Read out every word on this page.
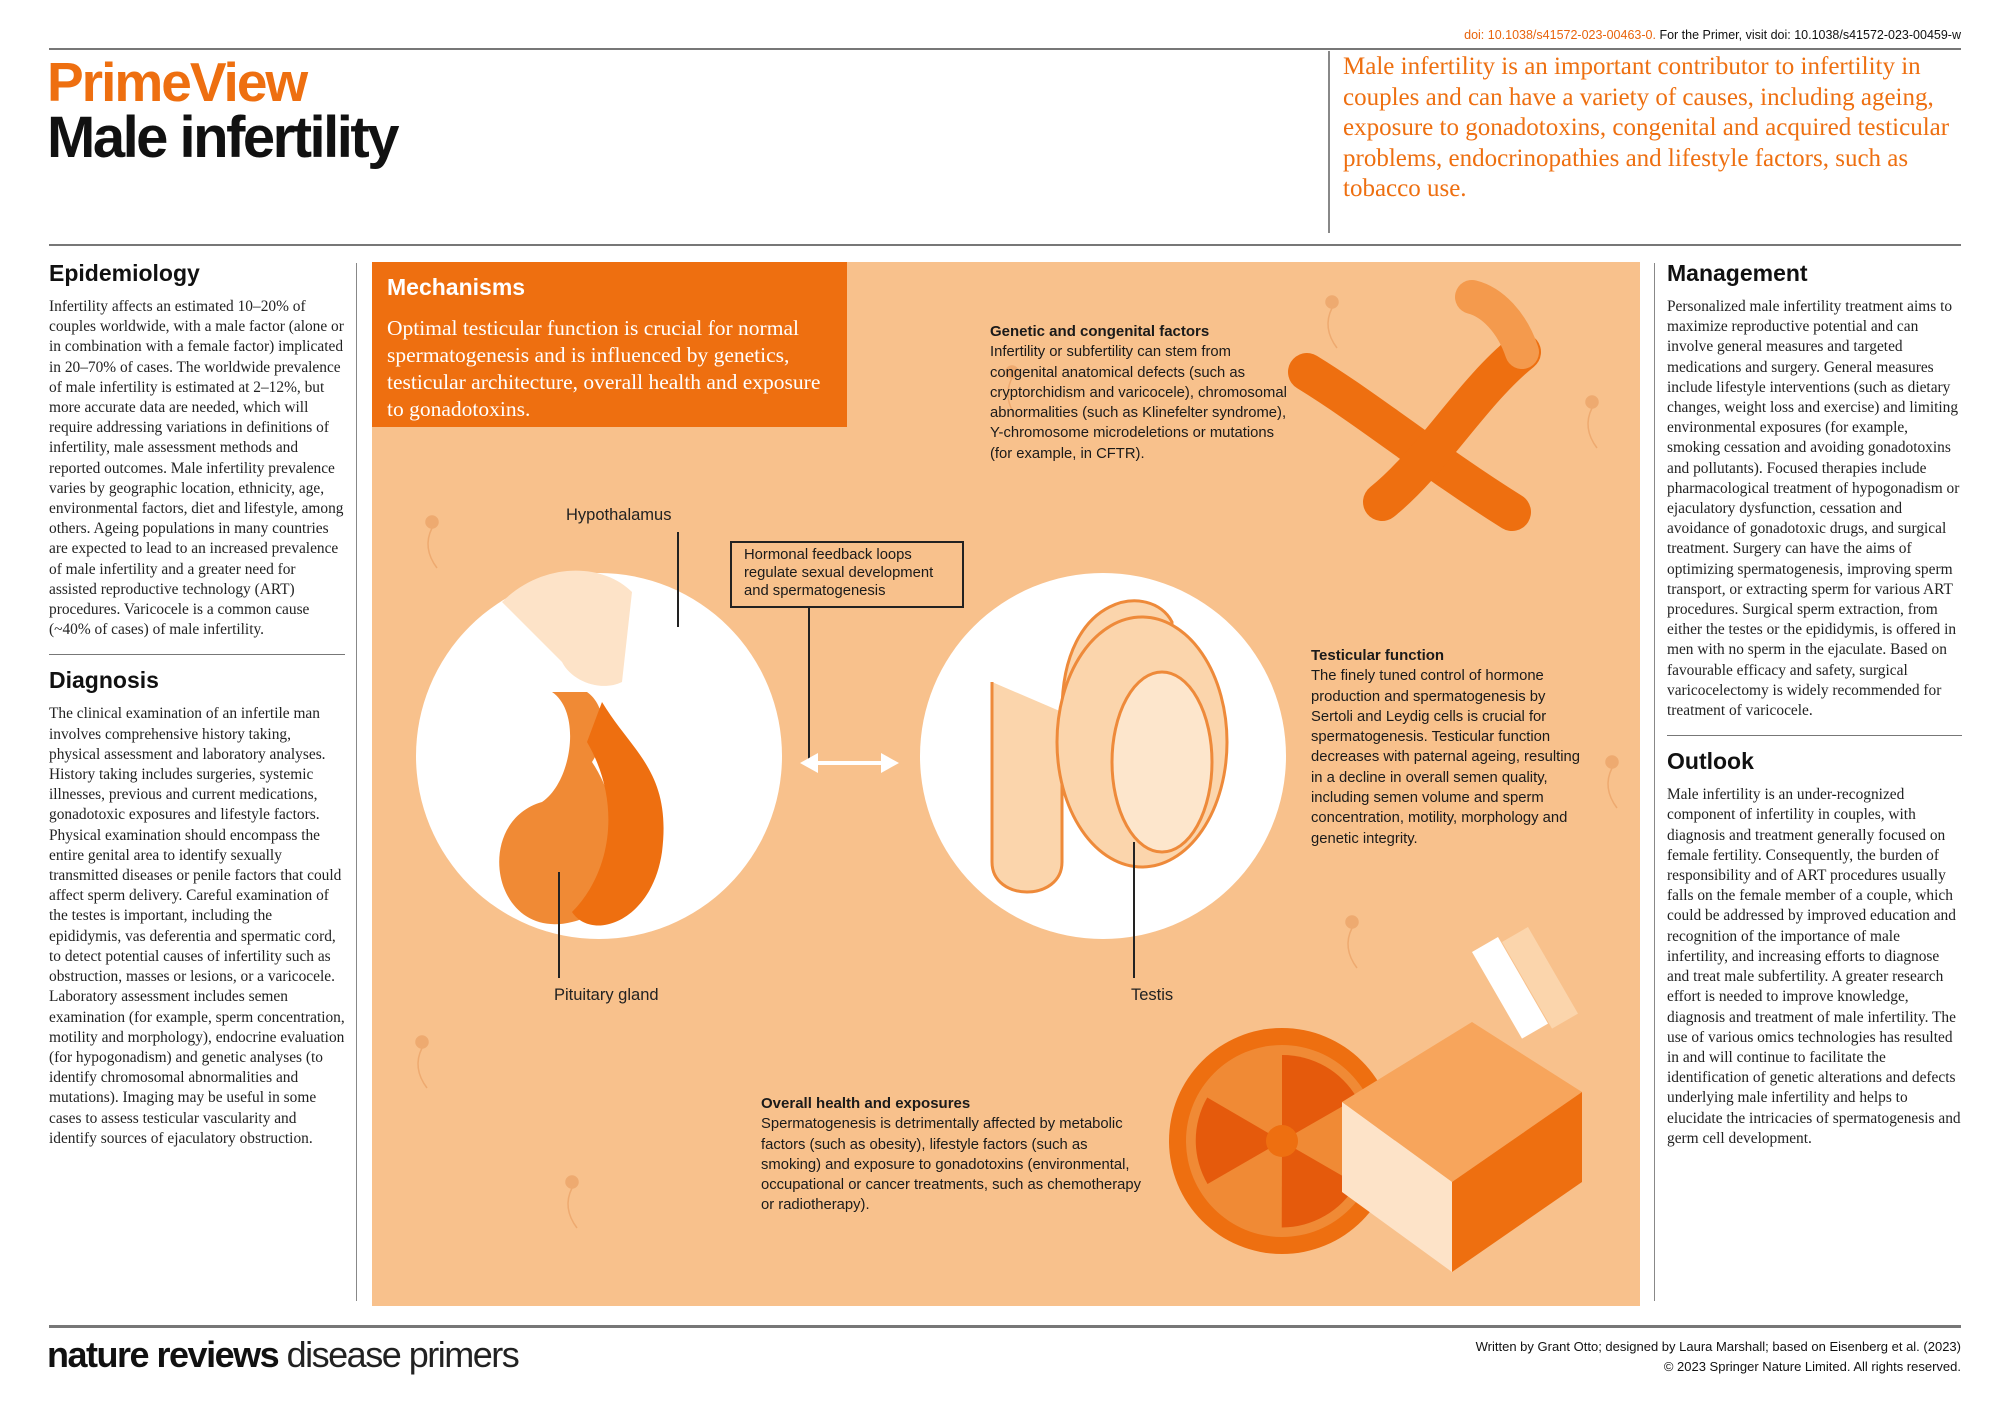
doi: 10.1038/s41572-023-00463-0. For the Primer, visit doi: 10.1038/s41572-023-00459-w
PrimeView
Male infertility
Male infertility is an important contributor to infertility in couples and can have a variety of causes, including ageing, exposure to gonadotoxins, congenital and acquired testicular problems, endocrinopathies and lifestyle factors, such as tobacco use.
Epidemiology

Infertility affects an estimated 10–20% of couples worldwide, with a male factor (alone or in combination with a female factor) implicated in 20–70% of cases. The worldwide prevalence of male infertility is estimated at 2–12%, but more accurate data are needed, which will require addressing variations in definitions of infertility, male assessment methods and reported outcomes. Male infertility prevalence varies by geographic location, ethnicity, age, environmental factors, diet and lifestyle, among others. Ageing populations in many countries are expected to lead to an increased prevalence of male infertility and a greater need for assisted reproductive technology (ART) procedures. Varicocele is a common cause (~40% of cases) of male infertility.

Diagnosis

The clinical examination of an infertile man involves comprehensive history taking, physical assessment and laboratory analyses. History taking includes surgeries, systemic illnesses, previous and current medications, gonadotoxic exposures and lifestyle factors. Physical examination should encompass the entire genital area to identify sexually transmitted diseases or penile factors that could affect sperm delivery. Careful examination of the testes is important, including the epididymis, vas deferentia and spermatic cord, to detect potential causes of infertility such as obstruction, masses or lesions, or a varicocele. Laboratory assessment includes semen examination (for example, sperm concentration, motility and morphology), endocrine evaluation (for hypogonadism) and genetic analyses (to identify chromosomal abnormalities and mutations). Imaging may be useful in some cases to assess testicular vascularity and identify sources of ejaculatory obstruction.

Mechanisms
Optimal testicular function is crucial for normal spermatogenesis and is influenced by genetics, testicular architecture, overall health and exposure to gonadotoxins.
Genetic and congenital factors
Infertility or subfertility can stem from congenital anatomical defects (such as cryptorchidism and varicocele), chromosomal abnormalities (such as Klinefelter syndrome), Y-chromosome microdeletions or mutations (for example, in CFTR).
Hormonal feedback loops regulate sexual development and spermatogenesis
Hypothalamus
Pituitary gland	Testis
Testicular function
The finely tuned control of hormone production and spermatogenesis by Sertoli and Leydig cells is crucial for spermatogenesis. Testicular function decreases with paternal ageing, resulting in a decline in overall semen quality, including semen volume and sperm concentration, motility, morphology and genetic integrity.
Overall health and exposures
Spermatogenesis is detrimentally affected by metabolic factors (such as obesity), lifestyle factors (such as smoking) and exposure to gonadotoxins (environmental, occupational or cancer treatments, such as chemotherapy or radiotherapy).
Management

Personalized male infertility treatment aims to maximize reproductive potential and can involve general measures and targeted medications and surgery. General measures include lifestyle interventions (such as dietary changes, weight loss and exercise) and limiting environmental exposures (for example, smoking cessation and avoiding gonadotoxins and pollutants). Focused therapies include pharmacological treatment of hypogonadism or ejaculatory dysfunction, cessation and avoidance of gonadotoxic drugs, and surgical treatment. Surgery can have the aims of optimizing spermatogenesis, improving sperm transport, or extracting sperm for various ART procedures. Surgical sperm extraction, from either the testes or the epididymis, is offered in men with no sperm in the ejaculate. Based on favourable efficacy and safety, surgical varicocelectomy is widely recommended for treatment of varicocele.

Outlook

Male infertility is an under-recognized component of infertility in couples, with diagnosis and treatment generally focused on female fertility. Consequently, the burden of responsibility and of ART procedures usually falls on the female member of a couple, which could be addressed by improved education and recognition of the importance of male infertility, and increasing efforts to diagnose and treat male subfertility. A greater research effort is needed to improve knowledge, diagnosis and treatment of male infertility. The use of various omics technologies has resulted in and will continue to facilitate the identification of genetic alterations and defects underlying male infertility and helps to elucidate the intricacies of spermatogenesis and germ cell development.

nature reviews disease primers	Written by Grant Otto; designed by Laura Marshall; based on Eisenberg et al. (2023)
© 2023 Springer Nature Limited. All rights reserved.
